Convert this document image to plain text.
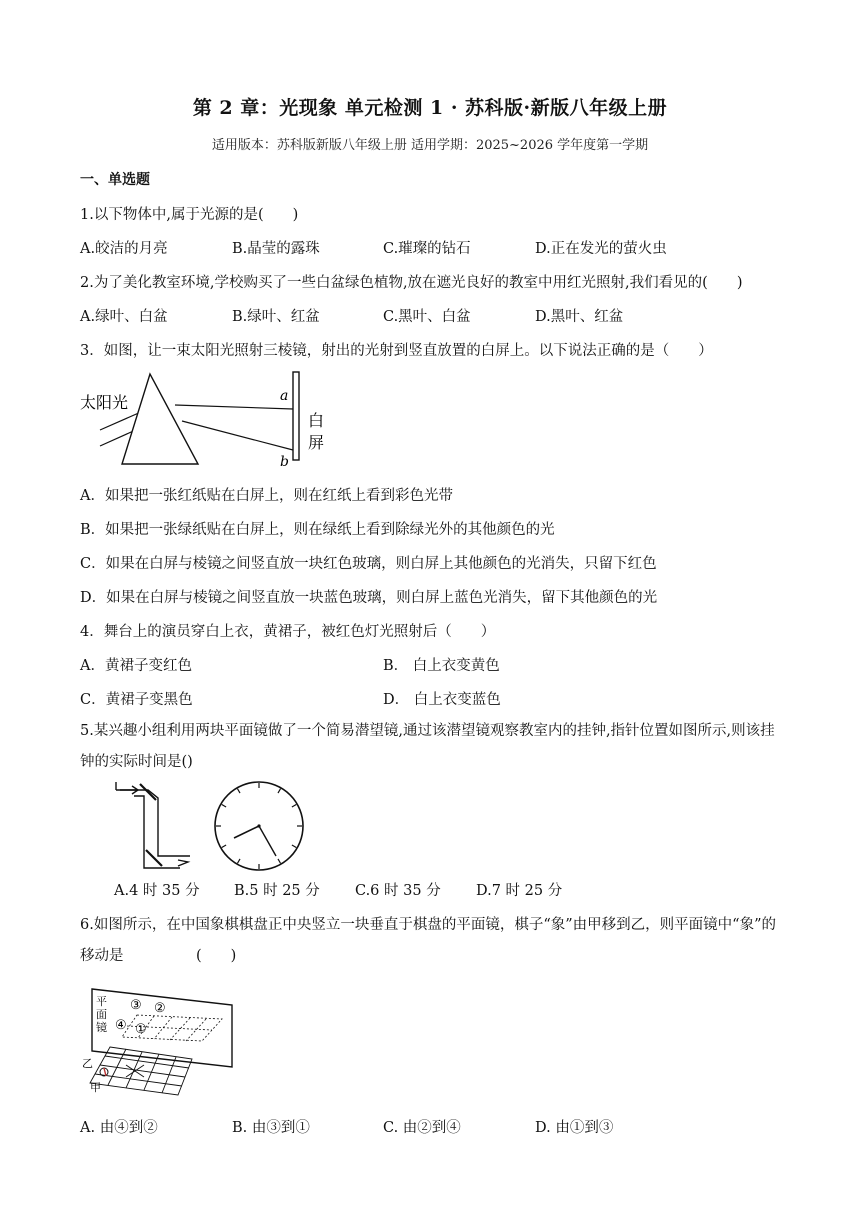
第 2 章：光现象 单元检测 1 · 苏科版·新版八年级上册
适用版本：苏科版新版八年级上册 适用学期：2025~2026 学年度第一学期
一、单选题
1.以下物体中,属于光源的是(　　)
A.皎洁的月亮	B.晶莹的露珠	C.璀璨的钻石	D.正在发光的萤火虫
2.为了美化教室环境,学校购买了一些白盆绿色植物,放在遮光良好的教室中用红光照射,我们看见的(　　)
A.绿叶、白盆	B.绿叶、红盆	C.黑叶、白盆	D.黑叶、红盆
3．如图，让一束太阳光照射三棱镜，射出的光射到竖直放置的白屏上。以下说法正确的是（　　）
太阳光	a
b
白
屏
A．如果把一张红纸贴在白屏上，则在红纸上看到彩色光带
B．如果把一张绿纸贴在白屏上，则在绿纸上看到除绿光外的其他颜色的光
C．如果在白屏与棱镜之间竖直放一块红色玻璃，则白屏上其他颜色的光消失，只留下红色
D．如果在白屏与棱镜之间竖直放一块蓝色玻璃，则白屏上蓝色光消失，留下其他颜色的光
4．舞台上的演员穿白上衣，黄裙子，被红色灯光照射后（　　）
A．黄裙子变红色	B． 白上衣变黄色
C．黄裙子变黑色	D． 白上衣变蓝色
5.某兴趣小组利用两块平面镜做了一个简易潜望镜,通过该潜望镜观察教室内的挂钟,指针位置如图所示,则该挂钟的实际时间是()
A.4 时 35 分 B.5 时 25 分 C.6 时 35 分 D.7 时 25 分
6.如图所示，在中国象棋棋盘正中央竖立一块垂直于棋盘的平面镜，棋子“象”由甲移到乙，则平面镜中“象”的移动是　　　　　(　　)
平
面
镜
③ ②
④ ①
乙
甲
A. 由④到②	B. 由③到①	C. 由②到④	D. 由①到③
